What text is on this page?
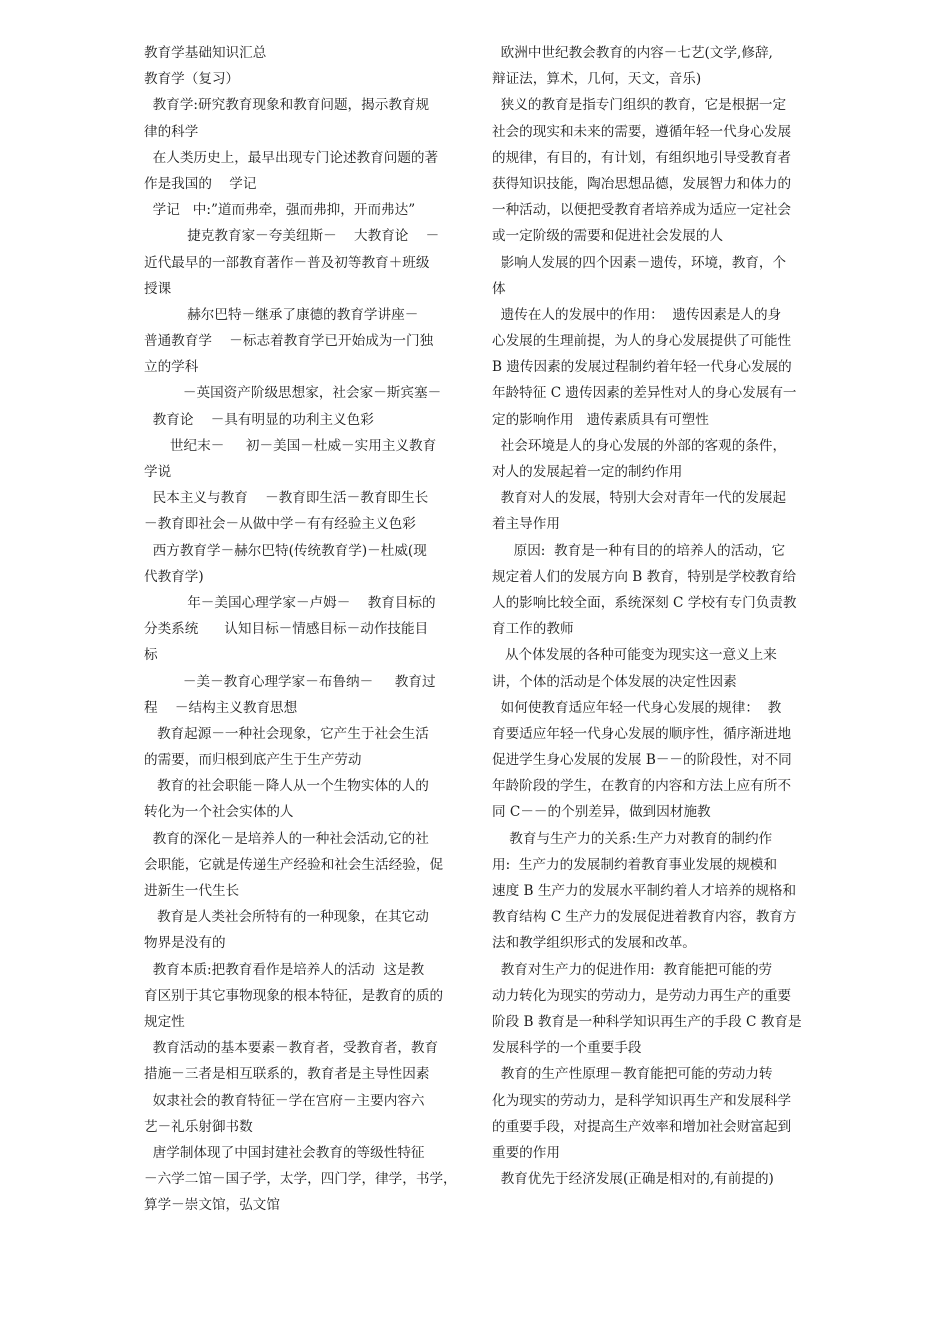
教育学基础知识汇总
教育学（复习）
教育学:研究教育现象和教育问题，揭示教育规
律的科学
在人类历史上，最早出现专门论述教育问题的著
作是我国的    学记
学记   中:”道而弗牵，强而弗抑，开而弗达”
捷克教育家－夸美纽斯－    大教育论    －
近代最早的一部教育著作－普及初等教育＋班级
授课
赫尔巴特－继承了康德的教育学讲座－
普通教育学    －标志着教育学已开始成为一门独
立的学科
－英国资产阶级思想家，社会家－斯宾塞－
教育论    －具有明显的功利主义色彩
世纪末－     初－美国－杜威－实用主义教育
学说
民本主义与教育    －教育即生活－教育即生长
－教育即社会－从做中学－有有经验主义色彩
西方教育学－赫尔巴特(传统教育学)－杜威(现
代教育学)
年－美国心理学家－卢姆－    教育目标的
分类系统      认知目标－情感目标－动作技能目
标
－美－教育心理学家－布鲁纳－     教育过
程    －结构主义教育思想
教育起源－一种社会现象，它产生于社会生活
的需要，而归根到底产生于生产劳动
教育的社会职能－降人从一个生物实体的人的
转化为一个社会实体的人
教育的深化－是培养人的一种社会活动,它的社
会职能，它就是传递生产经验和社会生活经验，促
进新生一代生长
教育是人类社会所特有的一种现象，在其它动
物界是没有的
教育本质:把教育看作是培养人的活动  这是教
育区别于其它事物现象的根本特征，是教育的质的
规定性
教育活动的基本要素－教育者，受教育者，教育
措施－三者是相互联系的，教育者是主导性因素
奴隶社会的教育特征－学在宫府－主要内容六
艺－礼乐射御书数
唐学制体现了中国封建社会教育的等级性特征
－六学二馆－国子学，太学，四门学，律学，书学，
算学－崇文馆，弘文馆
欧洲中世纪教会教育的内容－七艺(文学,修辞,
辩证法，算术，几何，天文，音乐)
狭义的教育是指专门组织的教育，它是根据一定
社会的现实和未来的需要，遵循年轻一代身心发展
的规律，有目的，有计划，有组织地引导受教育者
获得知识技能，陶冶思想品德，发展智力和体力的
一种活动，以便把受教育者培养成为适应一定社会
或一定阶级的需要和促进社会发展的人
影响人发展的四个因素－遗传，环境，教育，个
体
遗传在人的发展中的作用：  遗传因素是人的身
心发展的生理前提，为人的身心发展提供了可能性
B 遗传因素的发展过程制约着年轻一代身心发展的
年龄特征 C 遗传因素的差异性对人的身心发展有一
定的影响作用   遗传素质具有可塑性
社会环境是人的身心发展的外部的客观的条件，
对人的发展起着一定的制约作用
教育对人的发展，特别大会对青年一代的发展起
着主导作用
原因:  教育是一种有目的的培养人的活动，它
规定着人们的发展方向 B 教育，特别是学校教育给
人的影响比较全面，系统深刻 C 学校有专门负责教
育工作的教师
从个体发展的各种可能变为现实这一意义上来
讲，个体的活动是个体发展的决定性因素
如何使教育适应年轻一代身心发展的规律：  教
育要适应年轻一代身心发展的顺序性，循序渐进地
促进学生身心发展的发展 B－－的阶段性，对不同
年龄阶段的学生，在教育的内容和方法上应有所不
同 C－－的个别差异，做到因材施教
教育与生产力的关系:生产力对教育的制约作
用:  生产力的发展制约着教育事业发展的规模和
速度 B 生产力的发展水平制约着人才培养的规格和
教育结构 C 生产力的发展促进着教育内容，教育方
法和教学组织形式的发展和改革。
教育对生产力的促进作用:  教育能把可能的劳
动力转化为现实的劳动力，是劳动力再生产的重要
阶段 B 教育是一种科学知识再生产的手段 C 教育是
发展科学的一个重要手段
教育的生产性原理－教育能把可能的劳动力转
化为现实的劳动力，是科学知识再生产和发展科学
的重要手段，对提高生产效率和增加社会财富起到
重要的作用
教育优先于经济发展(正确是相对的,有前提的)
